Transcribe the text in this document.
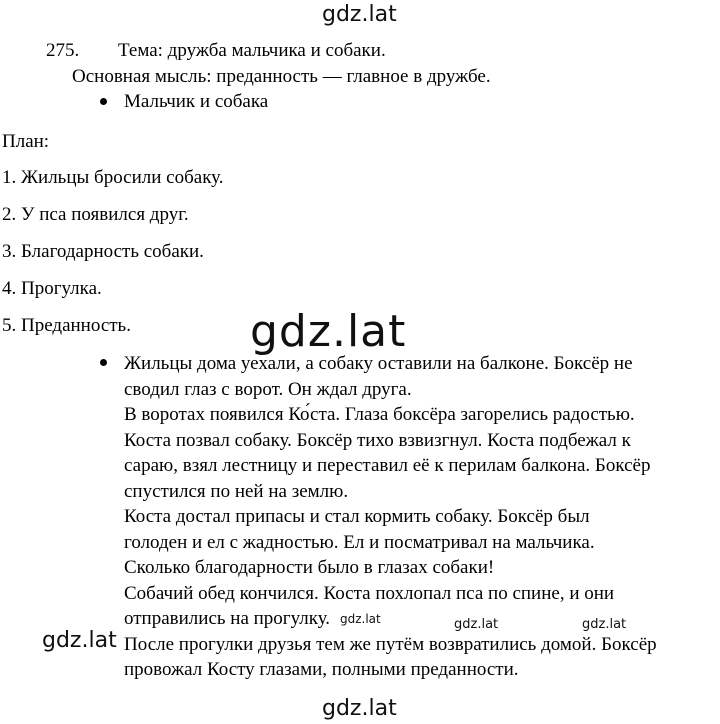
gdz.lat
275. Тема: дружба мальчика и собаки.
Основная мысль: преданность — главное в дружбе.
Мальчик и собака
План:
1. Жильцы бросили собаку.
2. У пса появился друг.
3. Благодарность собаки.
4. Прогулка.
5. Преданность.	gdz.lat
Жильцы дома уехали, а собаку оставили на балконе. Боксёр не
сводил глаз с ворот. Он ждал друга.
В воротах появился Ко́ста. Глаза боксёра загорелись радостью.
Коста позвал собаку. Боксёр тихо взвизгнул. Коста подбежал к
сараю, взял лестницу и переставил её к перилам балкона. Боксёр
спустился по ней на землю.
Коста достал припасы и стал кормить собаку. Боксёр был
голоден и ел с жадностью. Ел и посматривал на мальчика.
Сколько благодарности было в глазах собаки!
Собачий обед кончился. Коста похлопал пса по спине, и они
отправились на прогулку.
После прогулки друзья тем же путём возвратились домой. Боксёр
провожал Косту глазами, полными преданности.
gdz.lat	gdz.lat	gdz.lat
gdz.lat
gdz.lat
